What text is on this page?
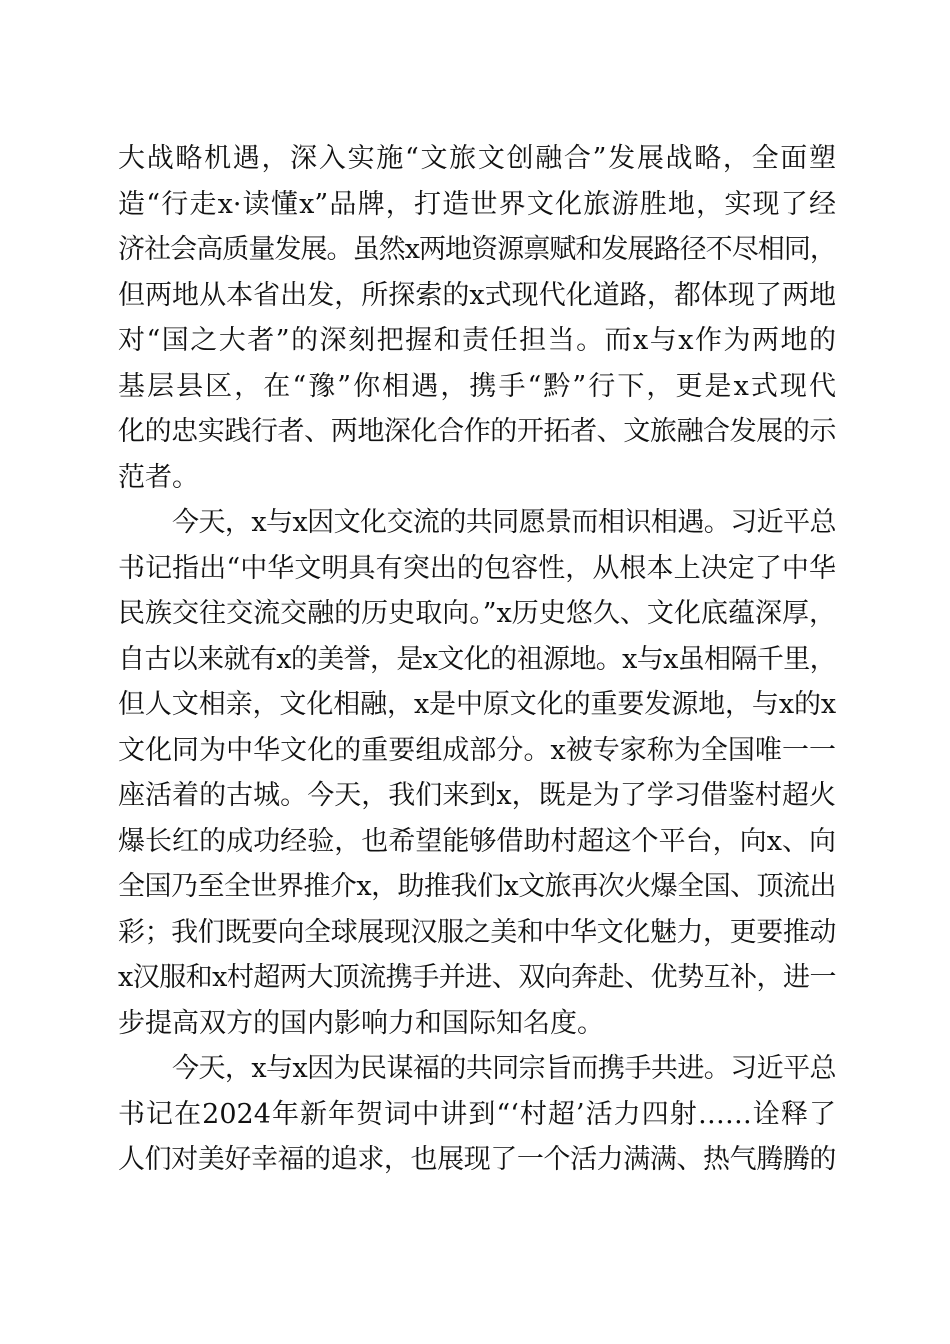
大战略机遇，深入实施“文旅文创融合”发展战略，全面塑
造“行走x·读懂x”品牌，打造世界文化旅游胜地，实现了经
济社会高质量发展。虽然x两地资源禀赋和发展路径不尽相同，
但两地从本省出发，所探索的x式现代化道路，都体现了两地
对“国之大者”的深刻把握和责任担当。而x与x作为两地的
基层县区，在“豫”你相遇，携手“黔”行下，更是x式现代
化的忠实践行者、两地深化合作的开拓者、文旅融合发展的示
范者。
今天，x与x因文化交流的共同愿景而相识相遇。习近平总
书记指出“中华文明具有突出的包容性，从根本上决定了中华
民族交往交流交融的历史取向。”x历史悠久、文化底蕴深厚，
自古以来就有x的美誉，是x文化的祖源地。x与x虽相隔千里，
但人文相亲，文化相融，x是中原文化的重要发源地，与x的x
文化同为中华文化的重要组成部分。x被专家称为全国唯一一
座活着的古城。今天，我们来到x，既是为了学习借鉴村超火
爆长红的成功经验，也希望能够借助村超这个平台，向x、向
全国乃至全世界推介x，助推我们x文旅再次火爆全国、顶流出
彩；我们既要向全球展现汉服之美和中华文化魅力，更要推动
x汉服和x村超两大顶流携手并进、双向奔赴、优势互补，进一
步提高双方的国内影响力和国际知名度。
今天，x与x因为民谋福的共同宗旨而携手共进。习近平总
书记在2024年新年贺词中讲到“‘村超’活力四射……诠释了
人们对美好幸福的追求，也展现了一个活力满满、热气腾腾的
